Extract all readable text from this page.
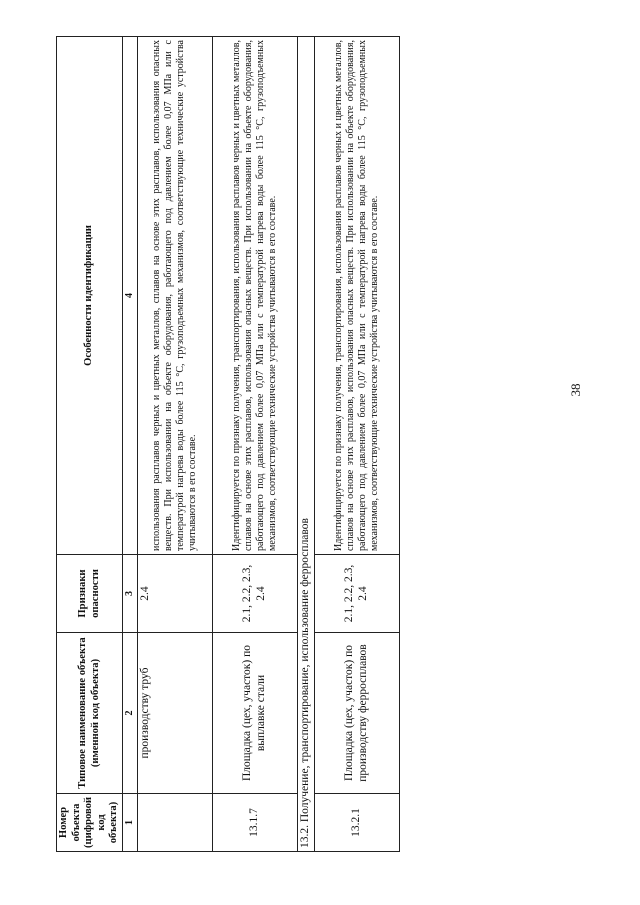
38
Номер объекта (цифровой код объекта)	Типовое наименование объекта (именной код объекта)	Признаки опасности	Особенности идентификации
1	2	3	4
	производству труб	2.4	использования расплавов черных и цветных металлов, сплавов на основе этих расплавов, использования опасных веществ. При использовании на объекте оборудования, работающего под давлением более 0,07 МПа или с температурой нагрева воды более 115 °С, грузоподъемных механизмов, соответствующие технические устройства учитываются в его составе.
13.1.7	Площадка (цех, участок) по выплавке стали	2.1, 2.2, 2.3, 2.4	Идентифицируется по признаку получения, транспортирования, использования расплавов черных и цветных металлов, сплавов на основе этих расплавов, использования опасных веществ. При использовании на объекте оборудования, работающего под давлением более 0,07 МПа или с температурой нагрева воды более 115 °С, грузоподъемных механизмов, соответствующие технические устройства учитываются в его составе.
13.2. Получение, транспортирование, использование ферросплавов			
13.2.1	Площадка (цех, участок) по производству ферросплавов	2.1, 2.2, 2.3, 2.4	Идентифицируется по признаку получения, транспортирования, использования расплавов черных и цветных металлов, сплавов на основе этих расплавов, использования опасных веществ. При использовании на объекте оборудования, работающего под давлением более 0,07 МПа или с температурой нагрева воды более 115 °С, грузоподъемных механизмов, соответствующие технические устройства учитываются в его составе.
